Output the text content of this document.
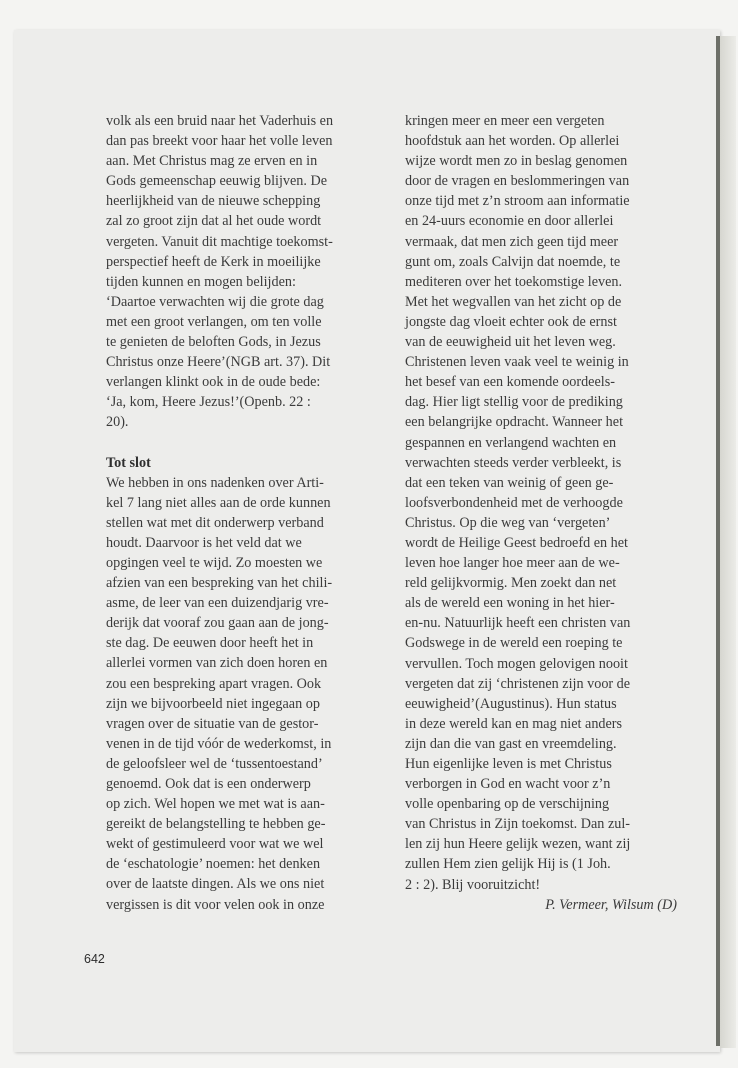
volk als een bruid naar het Vaderhuis en

dan pas breekt voor haar het volle leven

aan. Met Christus mag ze erven en in

Gods gemeenschap eeuwig blijven. De

heerlijkheid van de nieuwe schepping

zal zo groot zijn dat al het oude wordt

vergeten. Vanuit dit machtige toekomst-

perspectief heeft de Kerk in moeilijke

tijden kunnen en mogen belijden:

‘Daartoe verwachten wij die grote dag

met een groot verlangen, om ten volle

te genieten de beloften Gods, in Jezus

Christus onze Heere’(NGB art. 37). Dit

verlangen klinkt ook in de oude bede:

‘Ja, kom, Heere Jezus!’(Openb. 22 :

20).

Tot slot

We hebben in ons nadenken over Arti-

kel 7 lang niet alles aan de orde kunnen

stellen wat met dit onderwerp verband

houdt. Daarvoor is het veld dat we

opgingen veel te wijd. Zo moesten we

afzien van een bespreking van het chili-

asme, de leer van een duizendjarig vre-

derijk dat vooraf zou gaan aan de jong-

ste dag. De eeuwen door heeft het in

allerlei vormen van zich doen horen en

zou een bespreking apart vragen. Ook

zijn we bijvoorbeeld niet ingegaan op

vragen over de situatie van de gestor-

venen in de tijd vóór de wederkomst, in

de geloofsleer wel de ‘tussentoestand’

genoemd. Ook dat is een onderwerp

op zich. Wel hopen we met wat is aan-

gereikt de belangstelling te hebben ge-

wekt of gestimuleerd voor wat we wel

de ‘eschatologie’ noemen: het denken

over de laatste dingen. Als we ons niet

vergissen is dit voor velen ook in onze

kringen meer en meer een vergeten

hoofdstuk aan het worden. Op allerlei

wijze wordt men zo in beslag genomen

door de vragen en beslommeringen van

onze tijd met z’n stroom aan informatie

en 24-uurs economie en door allerlei

vermaak, dat men zich geen tijd meer

gunt om, zoals Calvijn dat noemde, te

mediteren over het toekomstige leven.

Met het wegvallen van het zicht op de

jongste dag vloeit echter ook de ernst

van de eeuwigheid uit het leven weg.

Christenen leven vaak veel te weinig in

het besef van een komende oordeels-

dag. Hier ligt stellig voor de prediking

een belangrijke opdracht. Wanneer het

gespannen en verlangend wachten en

verwachten steeds verder verbleekt, is

dat een teken van weinig of geen ge-

loofsverbondenheid met de verhoogde

Christus. Op die weg van ‘vergeten’

wordt de Heilige Geest bedroefd en het

leven hoe langer hoe meer aan de we-

reld gelijkvormig. Men zoekt dan net

als de wereld een woning in het hier-

en-nu. Natuurlijk heeft een christen van

Godswege in de wereld een roeping te

vervullen. Toch mogen gelovigen nooit

vergeten dat zij ‘christenen zijn voor de

eeuwigheid’(Augustinus). Hun status

in deze wereld kan en mag niet anders

zijn dan die van gast en vreemdeling.

Hun eigenlijke leven is met Christus

verborgen in God en wacht voor z’n

volle openbaring op de verschijning

van Christus in Zijn toekomst. Dan zul-

len zij hun Heere gelijk wezen, want zij

zullen Hem zien gelijk Hij is (1 Joh.

2 : 2). Blij vooruitzicht!

P. Vermeer, Wilsum (D)

642
